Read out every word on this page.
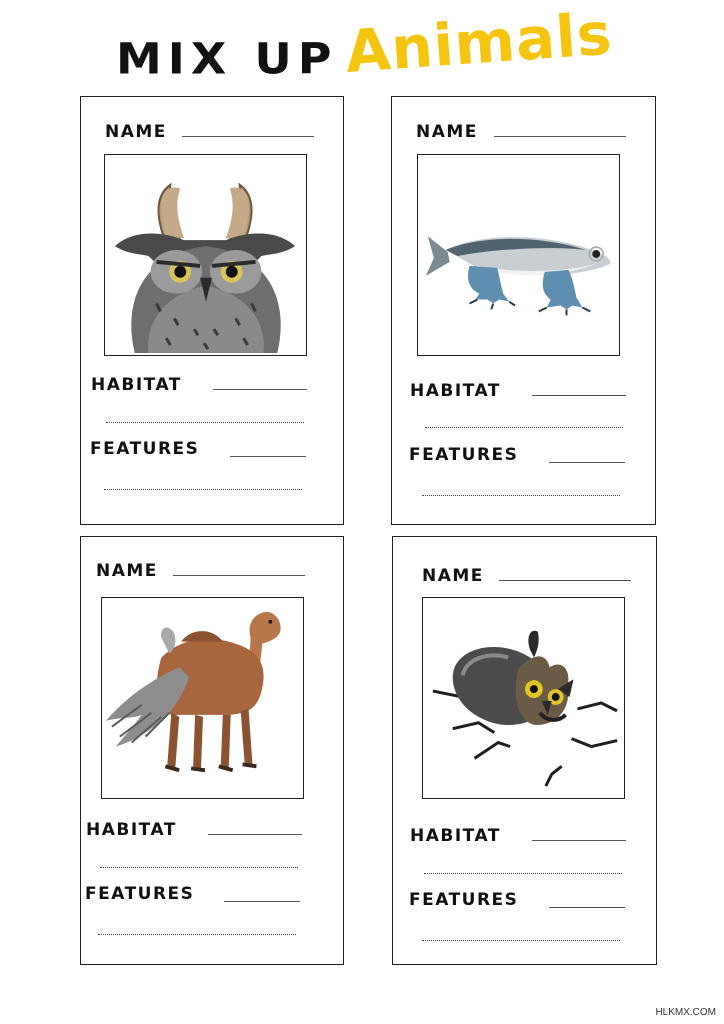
MIX UP Animals
NAME
HABITAT
FEATURES
NAME
HABITAT
FEATURES
NAME
HABITAT
FEATURES
NAME
HABITAT
FEATURES
HLKMX.COM
